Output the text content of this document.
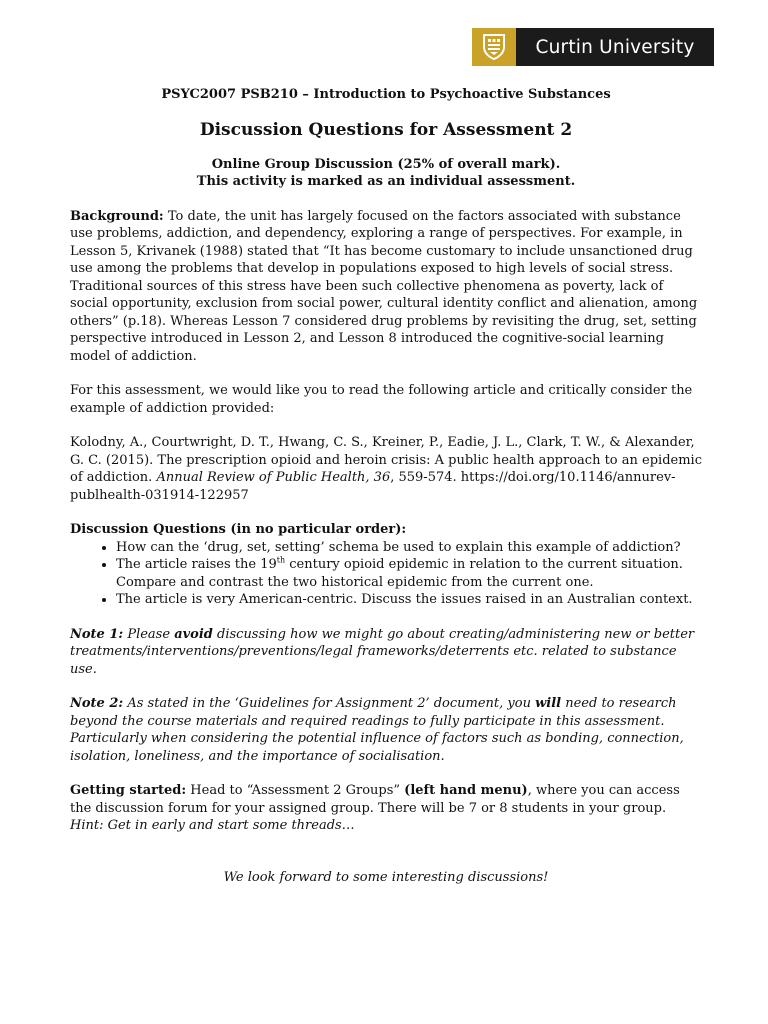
Curtin University
PSYC2007 PSB210 – Introduction to Psychoactive Substances
Discussion Questions for Assessment 2
Online Group Discussion (25% of overall mark).
This activity is marked as an individual assessment.

Background: To date, the unit has largely focused on the factors associated with substance use problems, addiction, and dependency, exploring a range of perspectives. For example, in Lesson 5, Krivanek (1988) stated that “It has become customary to include unsanctioned drug use among the problems that develop in populations exposed to high levels of social stress. Traditional sources of this stress have been such collective phenomena as poverty, lack of social opportunity, exclusion from social power, cultural identity conflict and alienation, among others” (p.18). Whereas Lesson 7 considered drug problems by revisiting the drug, set, setting perspective introduced in Lesson 2, and Lesson 8 introduced the cognitive-social learning model of addiction.

For this assessment, we would like you to read the following article and critically consider the example of addiction provided:

Kolodny, A., Courtwright, D. T., Hwang, C. S., Kreiner, P., Eadie, J. L., Clark, T. W., & Alexander, G. C. (2015). The prescription opioid and heroin crisis: A public health approach to an epidemic of addiction. Annual Review of Public Health, 36, 559-574. https://doi.org/10.1146/annurev-publhealth-031914-122957

Discussion Questions (in no particular order):
• How can the ‘drug, set, setting’ schema be used to explain this example of addiction?
• The article raises the 19th century opioid epidemic in relation to the current situation. Compare and contrast the two historical epidemic from the current one.
• The article is very American-centric. Discuss the issues raised in an Australian context.

Note 1: Please avoid discussing how we might go about creating/administering new or better treatments/interventions/preventions/legal frameworks/deterrents etc. related to substance use.

Note 2: As stated in the ‘Guidelines for Assignment 2’ document, you will need to research beyond the course materials and required readings to fully participate in this assessment. Particularly when considering the potential influence of factors such as bonding, connection, isolation, loneliness, and the importance of socialisation.

Getting started: Head to “Assessment 2 Groups” (left hand menu), where you can access the discussion forum for your assigned group. There will be 7 or 8 students in your group. Hint: Get in early and start some threads…

We look forward to some interesting discussions!
